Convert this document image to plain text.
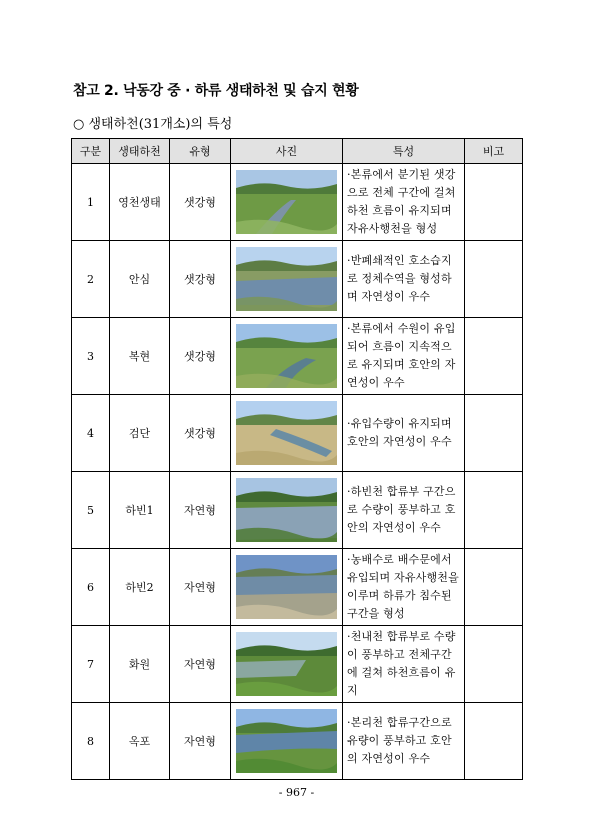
참고 2. 낙동강 중 · 하류 생태하천 및 습지 현황
○ 생태하천(31개소)의 특성
구분	생태하천	유형	사진	특성	비고
1	영천생태	샛강형		·본류에서 분기된 샛강으로 전체 구간에 걸쳐 하천 흐름이 유지되며 자유사행천을 형성	
2	안심	샛강형		·반폐쇄적인 호소습지로 정체수역을 형성하며 자연성이 우수	
3	복현	샛강형		·본류에서 수원이 유입되어 흐름이 지속적으로 유지되며 호안의 자연성이 우수	
4	검단	샛강형		·유입수량이 유지되며 호안의 자연성이 우수	
5	하빈1	자연형		·하빈천 합류부 구간으로 수량이 풍부하고 호안의 자연성이 우수	
6	하빈2	자연형		·농배수로 배수문에서 유입되며 자유사행천을 이루며 하류가 침수된 구간을 형성	
7	화원	자연형		·천내천 합류부로 수량이 풍부하고 전체구간에 걸쳐 하천흐름이 유지	
8	옥포	자연형		·본리천 합류구간으로 유량이 풍부하고 호안의 자연성이 우수	
- 967 -
